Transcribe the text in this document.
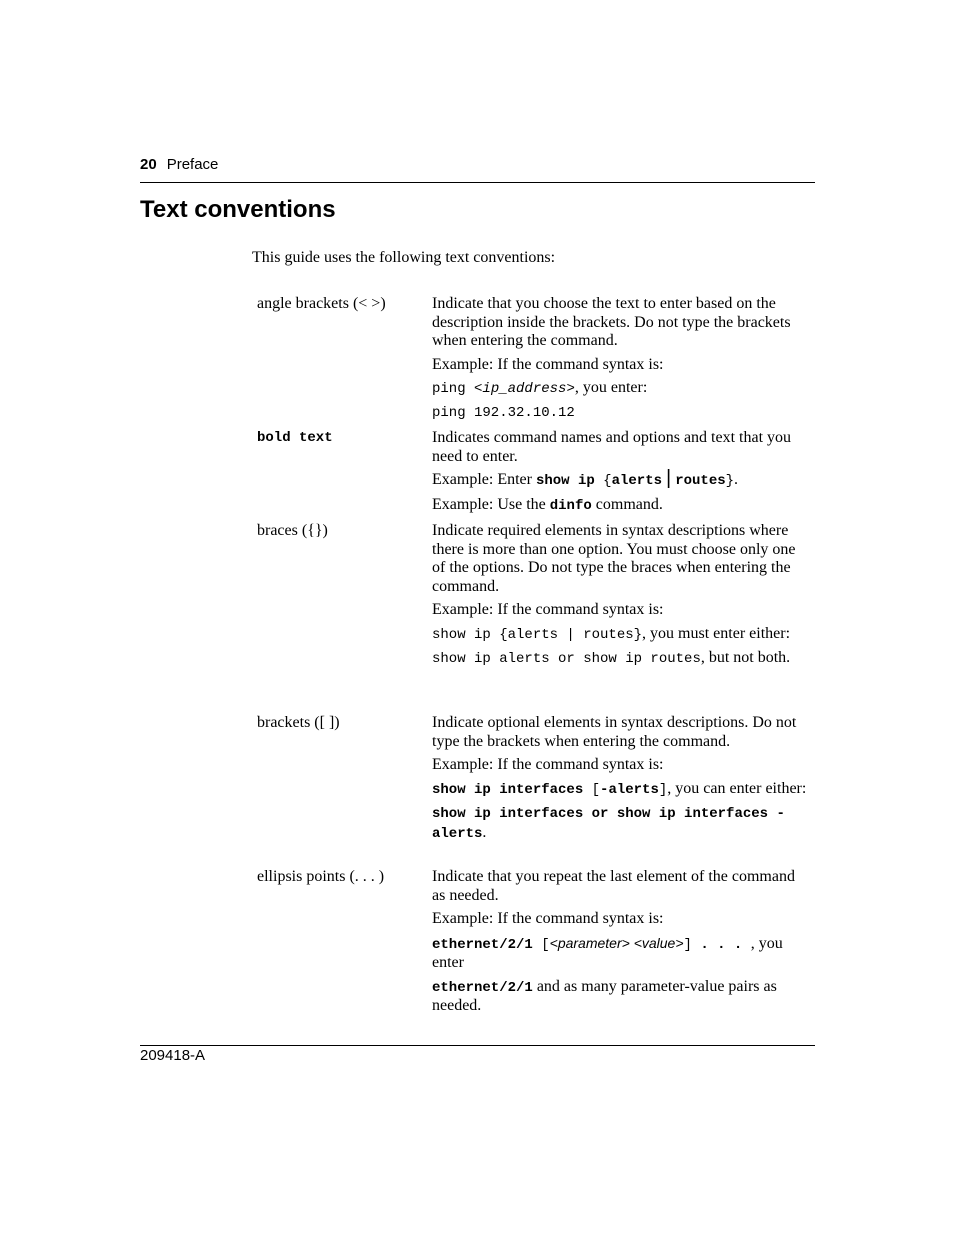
20 Preface
Text conventions
This guide uses the following text conventions:
angle brackets (< >)	Indicate that you choose the text to enter based on the description inside the brackets. Do not type the brackets when entering the command.

Example: If the command syntax is:

ping <ip_address>, you enter:

ping 192.32.10.12

bold text	Indicates command names and options and text that you need to enter.

Example: Enter show ip {alerts | routes}.

Example: Use the dinfo command.

braces ({})	Indicate required elements in syntax descriptions where there is more than one option. You must choose only one of the options. Do not type the braces when entering the command.

Example: If the command syntax is:

show ip {alerts | routes}, you must enter either:

show ip alerts or show ip routes, but not both.

brackets ([ ])	Indicate optional elements in syntax descriptions. Do not type the brackets when entering the command.

Example: If the command syntax is:

show ip interfaces [-alerts], you can enter either:

show ip interfaces or show ip interfaces -alerts.

ellipsis points (. . . )	Indicate that you repeat the last element of the command as needed.

Example: If the command syntax is:

ethernet/2/1 [<parameter> <value>] . . . , you enter

ethernet/2/1 and as many parameter-value pairs as needed.

209418-A
